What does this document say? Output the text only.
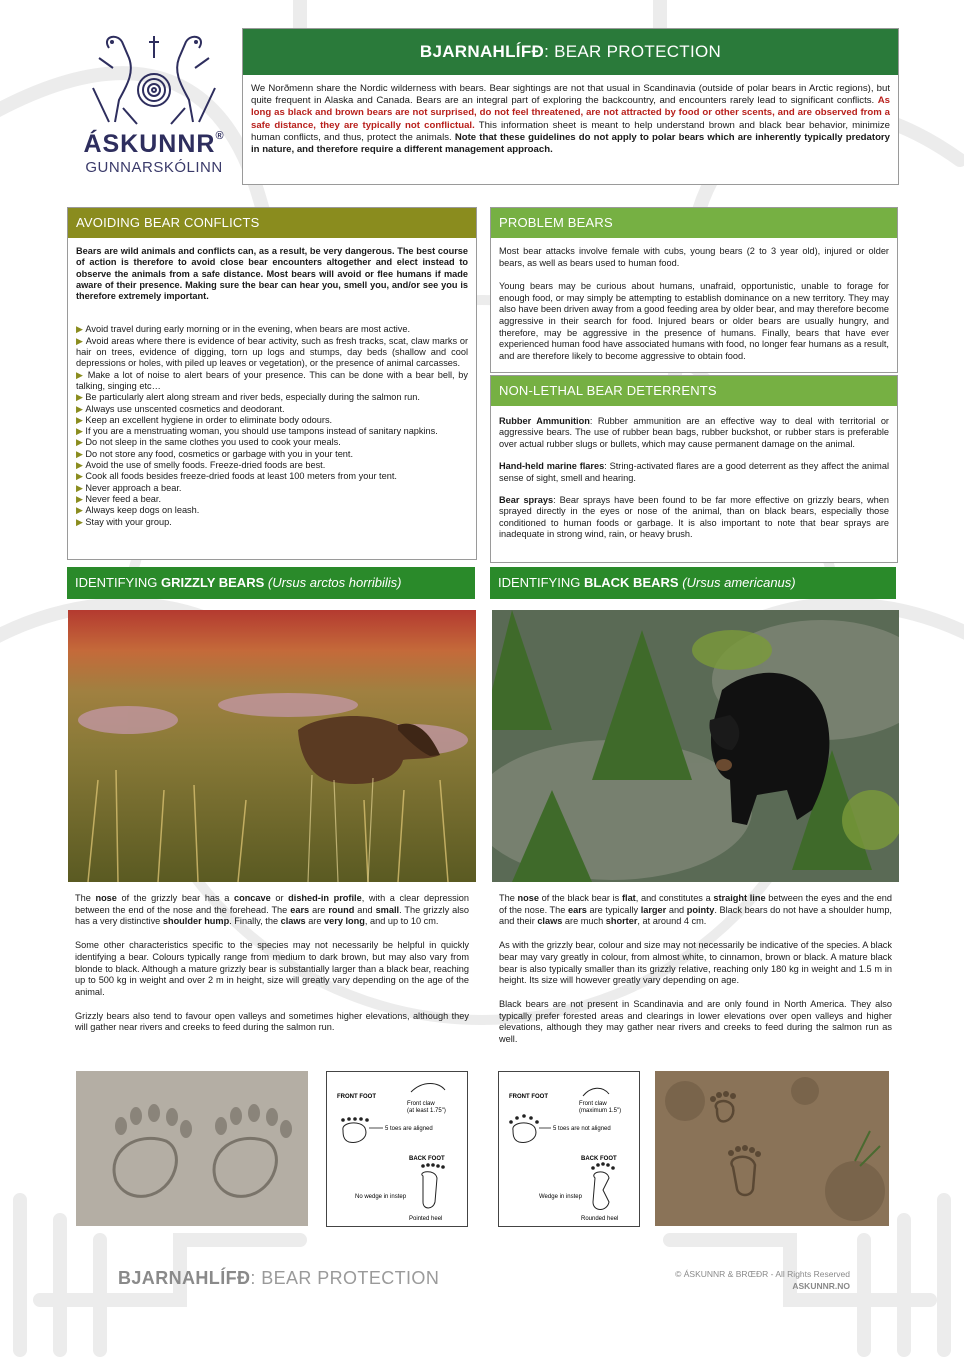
ÁSKUNNR®
GUNNARSKÓLINN
BJARNAHLÍFÐ: BEAR PROTECTION
We Norðmenn share the Nordic wilderness with bears. Bear sightings are not that usual in Scandinavia (outside of polar bears in Arctic regions), but quite frequent in Alaska and Canada. Bears are an integral part of exploring the backcountry, and encounters rarely lead to significant conflicts. As long as black and brown bears are not surprised, do not feel threatened, are not attracted by food or other scents, and are observed from a safe distance, they are typically not conflictual. This information sheet is meant to help understand brown and black bear behavior, minimize human conflicts, and thus, protect the animals. Note that these guidelines do not apply to polar bears which are inherently typically predatory in nature, and therefore require a different management approach.
AVOIDING BEAR CONFLICTS

Bears are wild animals and conflicts can, as a result, be very dangerous. The best course of action is therefore to avoid close bear encounters altogether and elect instead to observe the animals from a safe distance. Most bears will avoid or flee humans if made aware of their presence. Making sure the bear can hear you, smell you, and/or see you is therefore extremely important.

▶ Avoid travel during early morning or in the evening, when bears are most active.
▶ Avoid areas where there is evidence of bear activity, such as fresh tracks, scat, claw marks or hair on trees, evidence of digging, torn up logs and stumps, day beds (shallow and cool depressions or holes, with piled up leaves or vegetation), or the presence of animal carcasses.
▶ Make a lot of noise to alert bears of your presence. This can be done with a bear bell, by talking, singing etc…
▶ Be particularly alert along stream and river beds, especially during the salmon run.
▶ Always use unscented cosmetics and deodorant.
▶ Keep an excellent hygiene in order to eliminate body odours.
▶ If you are a menstruating woman, you should use tampons instead of sanitary napkins.
▶ Do not sleep in the same clothes you used to cook your meals.
▶ Do not store any food, cosmetics or garbage with you in your tent.
▶ Avoid the use of smelly foods. Freeze-dried foods are best.
▶ Cook all foods besides freeze-dried foods at least 100 meters from your tent.
▶ Never approach a bear.
▶ Never feed a bear.
▶ Always keep dogs on leash.
▶ Stay with your group.
PROBLEM BEARS

Most bear attacks involve female with cubs, young bears (2 to 3 year old), injured or older bears, as well as bears used to human food.

Young bears may be curious about humans, unafraid, opportunistic, unable to forage for enough food, or may simply be attempting to establish dominance on a new territory. They may also have been driven away from a good feeding area by older bear, and may therefore become aggressive in their search for food. Injured bears or older bears are usually hungry, and therefore, may be aggressive in the presence of humans. Finally, bears that have ever experienced human food have associated humans with food, no longer fear humans as a result, and are therefore likely to become aggressive to obtain food.

NON-LETHAL BEAR DETERRENTS

Rubber Ammunition: Rubber ammunition are an effective way to deal with territorial or aggressive bears. The use of rubber bean bags, rubber buckshot, or rubber stars is preferable over actual rubber slugs or bullets, which may cause permanent damage on the animal.

Hand-held marine flares: String-activated flares are a good deterrent as they affect the animal sense of sight, smell and hearing.

Bear sprays: Bear sprays have been found to be far more effective on grizzly bears, when sprayed directly in the eyes or nose of the animal, than on black bears, especially those conditioned to human foods or garbage. It is also important to note that bear sprays are inadequate in strong wind, rain, or heavy brush.

IDENTIFYING GRIZZLY BEARS (Ursus arctos horribilis)	IDENTIFYING BLACK BEARS (Ursus americanus)

The nose of the grizzly bear has a concave or dished-in profile, with a clear depression between the end of the nose and the forehead. The ears are round and small. The grizzly also has a very distinctive shoulder hump. Finally, the claws are very long, and up to 10 cm.

Some other characteristics specific to the species may not necessarily be helpful in quickly identifying a bear. Colours typically range from medium to dark brown, but may also vary from blonde to black. Although a mature grizzly bear is substantially larger than a black bear, reaching up to 500 kg in weight and over 2 m in height, size will greatly vary depending on the age of the animal.

Grizzly bears also tend to favour open valleys and sometimes higher elevations, although they will gather near rivers and creeks to feed during the salmon run.

The nose of the black bear is flat, and constitutes a straight line between the eyes and the end of the nose. The ears are typically larger and pointy. Black bears do not have a shoulder hump, and their claws are much shorter, at around 4 cm.

As with the grizzly bear, colour and size may not necessarily be indicative of the species. A black bear may vary greatly in colour, from almost white, to cinnamon, brown or black. A mature black bear is also typically smaller than its grizzly relative, reaching only 180 kg in weight and 1.5 m in height. Its size will however greatly vary depending on age.

Black bears are not present in Scandinavia and are only found in North America. They also typically prefer forested areas and clearings in lower elevations over open valleys and higher elevations, although they may gather near rivers and creeks to feed during the salmon run as well.

FRONT FOOT
Front claw
(at least 1.75")
5 toes are aligned
BACK FOOT
No wedge in instep
Pointed heel
FRONT FOOT
Front claw
(maximum 1.5")
5 toes are not aligned
BACK FOOT
Wedge in instep
Rounded heel
BJARNAHLÍFÐ: BEAR PROTECTION	© ÁSKUNNR & BRŒÐR - All Rights Reserved
ASKUNNR.NO
